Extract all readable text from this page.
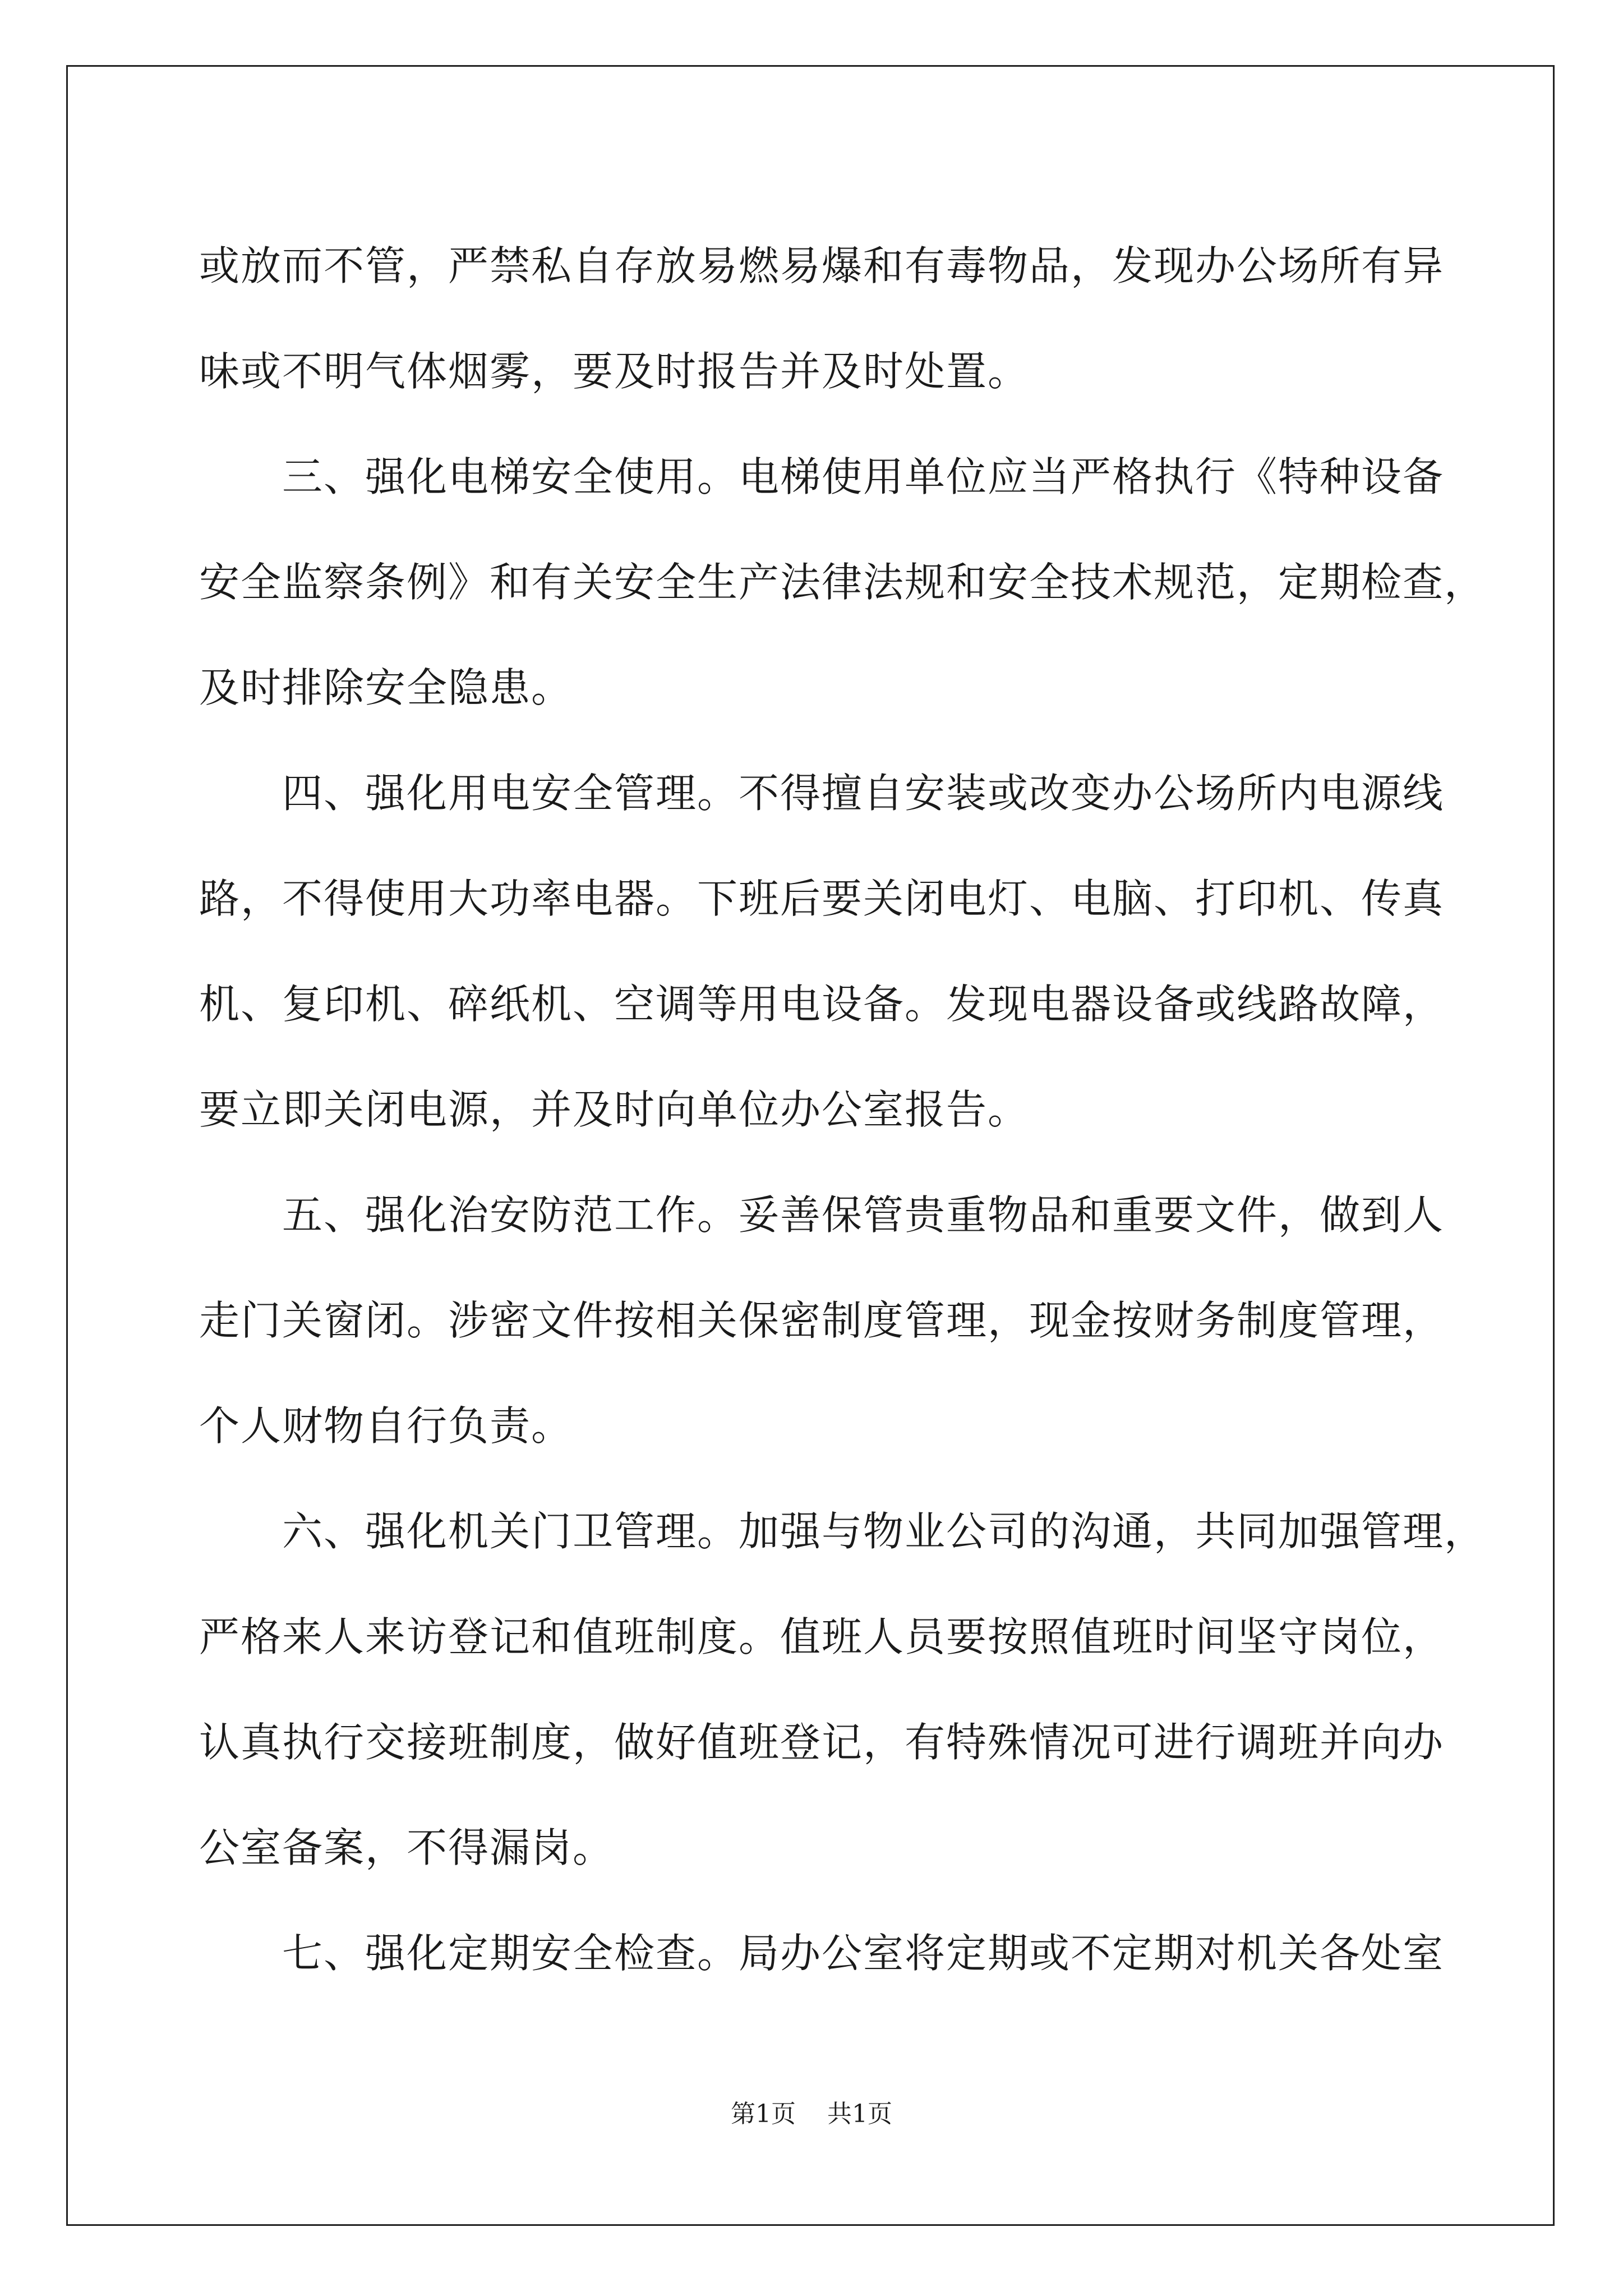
或放而不管，严禁私自存放易燃易爆和有毒物品，发现办公场所有异
味或不明气体烟雾，要及时报告并及时处置。
三、强化电梯安全使用。电梯使用单位应当严格执行《特种设备
安全监察条例》和有关安全生产法律法规和安全技术规范，定期检查，
及时排除安全隐患。
四、强化用电安全管理。不得擅自安装或改变办公场所内电源线
路，不得使用大功率电器。下班后要关闭电灯、电脑、打印机、传真
机、复印机、碎纸机、空调等用电设备。发现电器设备或线路故障，
要立即关闭电源，并及时向单位办公室报告。
五、强化治安防范工作。妥善保管贵重物品和重要文件，做到人
走门关窗闭。涉密文件按相关保密制度管理，现金按财务制度管理，
个人财物自行负责。
六、强化机关门卫管理。加强与物业公司的沟通，共同加强管理，
严格来人来访登记和值班制度。值班人员要按照值班时间坚守岗位，
认真执行交接班制度，做好值班登记，有特殊情况可进行调班并向办
公室备案，不得漏岗。
七、强化定期安全检查。局办公室将定期或不定期对机关各处室
第1页 共1页
